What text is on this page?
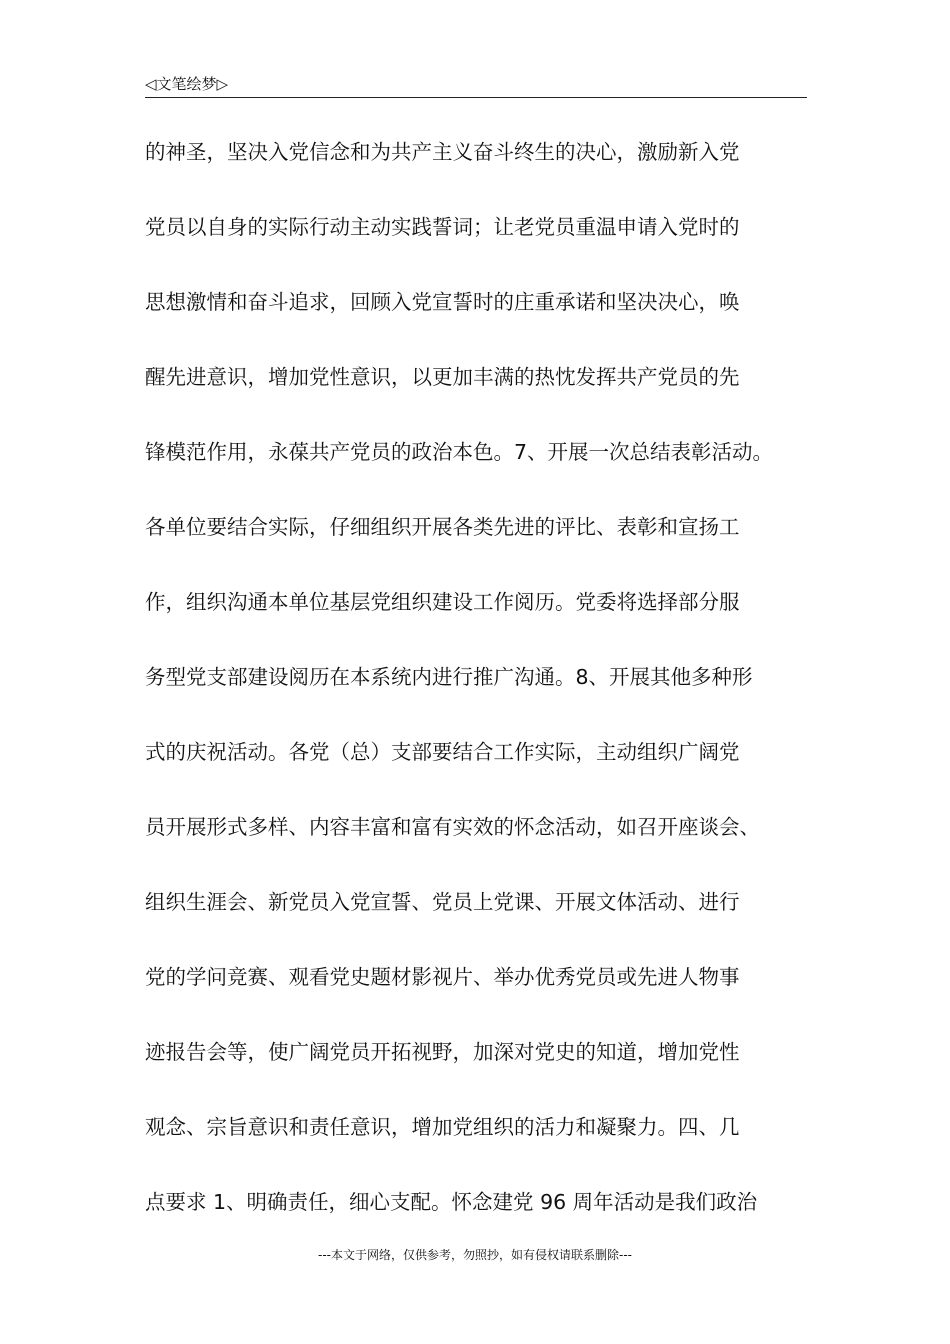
◁文笔绘梦▷
的神圣，坚决入党信念和为共产主义奋斗终生的决心，激励新入党
党员以自身的实际行动主动实践誓词；让老党员重温申请入党时的
思想激情和奋斗追求，回顾入党宣誓时的庄重承诺和坚决决心，唤
醒先进意识，增加党性意识，以更加丰满的热忱发挥共产党员的先
锋模范作用，永葆共产党员的政治本色。7、开展一次总结表彰活动。
各单位要结合实际，仔细组织开展各类先进的评比、表彰和宣扬工
作，组织沟通本单位基层党组织建设工作阅历。党委将选择部分服
务型党支部建设阅历在本系统内进行推广沟通。8、开展其他多种形
式的庆祝活动。各党（总）支部要结合工作实际，主动组织广阔党
员开展形式多样、内容丰富和富有实效的怀念活动，如召开座谈会、
组织生涯会、新党员入党宣誓、党员上党课、开展文体活动、进行
党的学问竞赛、观看党史题材影视片、举办优秀党员或先进人物事
迹报告会等，使广阔党员开拓视野，加深对党史的知道，增加党性
观念、宗旨意识和责任意识，增加党组织的活力和凝聚力。四、几
点要求 1、明确责任，细心支配。怀念建党 96 周年活动是我们政治
---本文于网络，仅供参考，勿照抄，如有侵权请联系删除---
